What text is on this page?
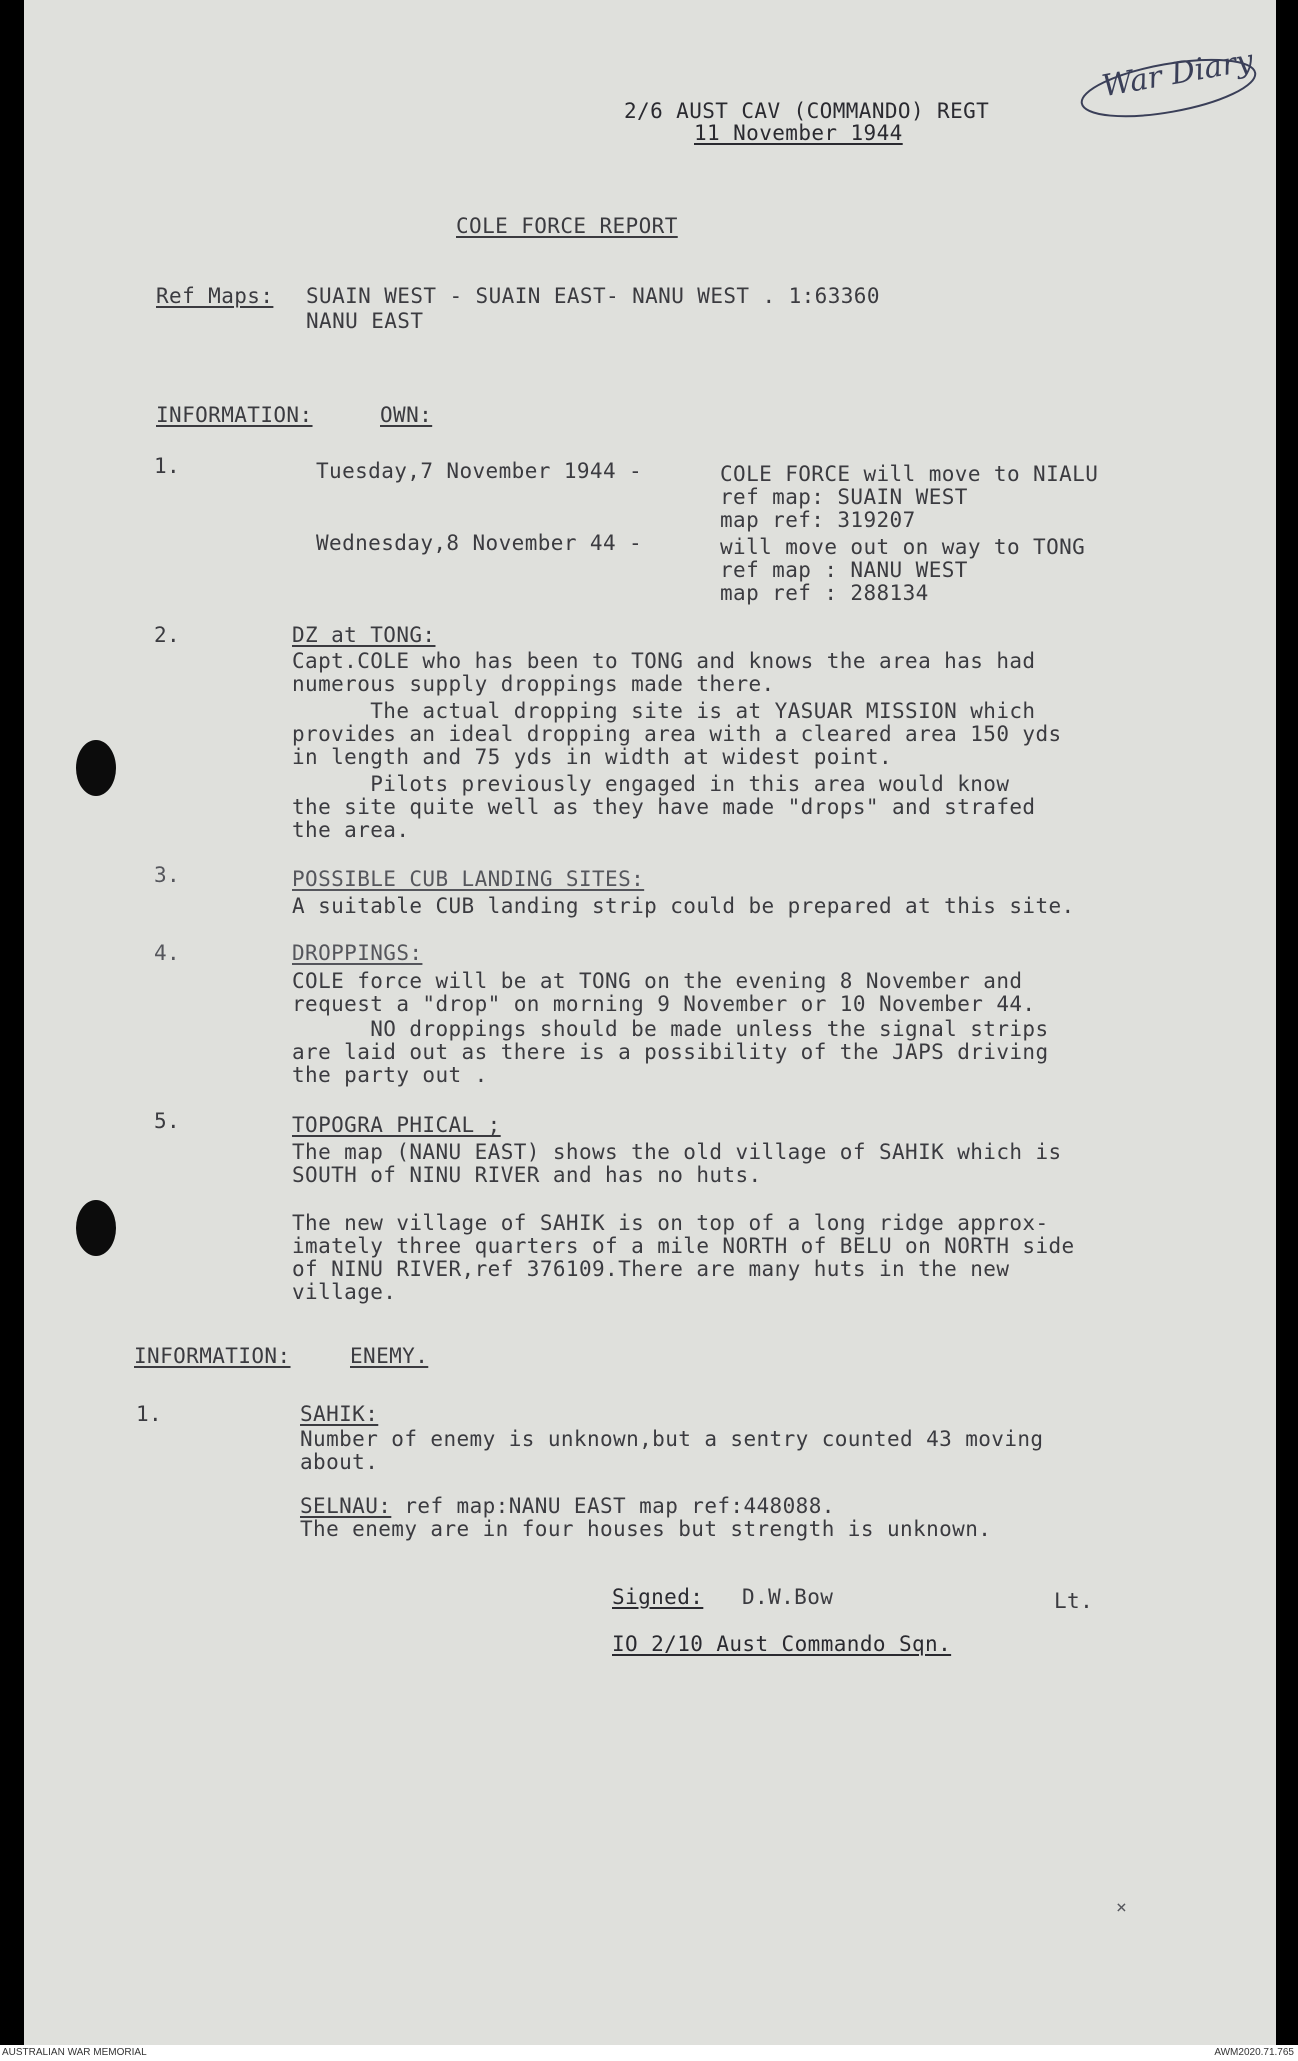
War Diary

2/6 AUST CAV (COMMANDO) REGT
11 November 1944
COLE FORCE REPORT
Ref Maps: SUAIN WEST - SUAIN EAST- NANU WEST . 1:63360
NANU EAST
INFORMATION:	OWN:
1.	Tuesday,7 November 1944 -	COLE FORCE will move to NIALU
ref map: SUAIN WEST
map ref: 319207
Wednesday,8 November 44 -	will move out on way to TONG
ref map : NANU WEST
map ref : 288134
2.	DZ at TONG:
Capt.COLE who has been to TONG and knows the area has had
numerous supply droppings made there.
The actual dropping site is at YASUAR MISSION which
provides an ideal dropping area with a cleared area 150 yds
in length and 75 yds in width at widest point.
Pilots previously engaged in this area would know
the site quite well as they have made "drops" and strafed
the area.
3.	POSSIBLE CUB LANDING SITES:
A suitable CUB landing strip could be prepared at this site.
4.	DROPPINGS:
COLE force will be at TONG on the evening 8 November and
request a "drop" on morning 9 November or 10 November 44.
NO droppings should be made unless the signal strips
are laid out as there is a possibility of the JAPS driving
the party out .
5.	TOPOGRA PHICAL ;
The map (NANU EAST) shows the old village of SAHIK which is
SOUTH of NINU RIVER and has no huts.
The new village of SAHIK is on top of a long ridge approx-
imately three quarters of a mile NORTH of BELU on NORTH side
of NINU RIVER,ref 376109.There are many huts in the new
village.
INFORMATION:	ENEMY.
1.	SAHIK:
Number of enemy is unknown,but a sentry counted 43 moving
about.
SELNAU: ref map:NANU EAST map ref:448088.
The enemy are in four houses but strength is unknown.
Signed: D.W.Bow	Lt.
IO 2/10 Aust Commando Sqn.
×
AUSTRALIAN WAR MEMORIAL	AWM2020.71.765
